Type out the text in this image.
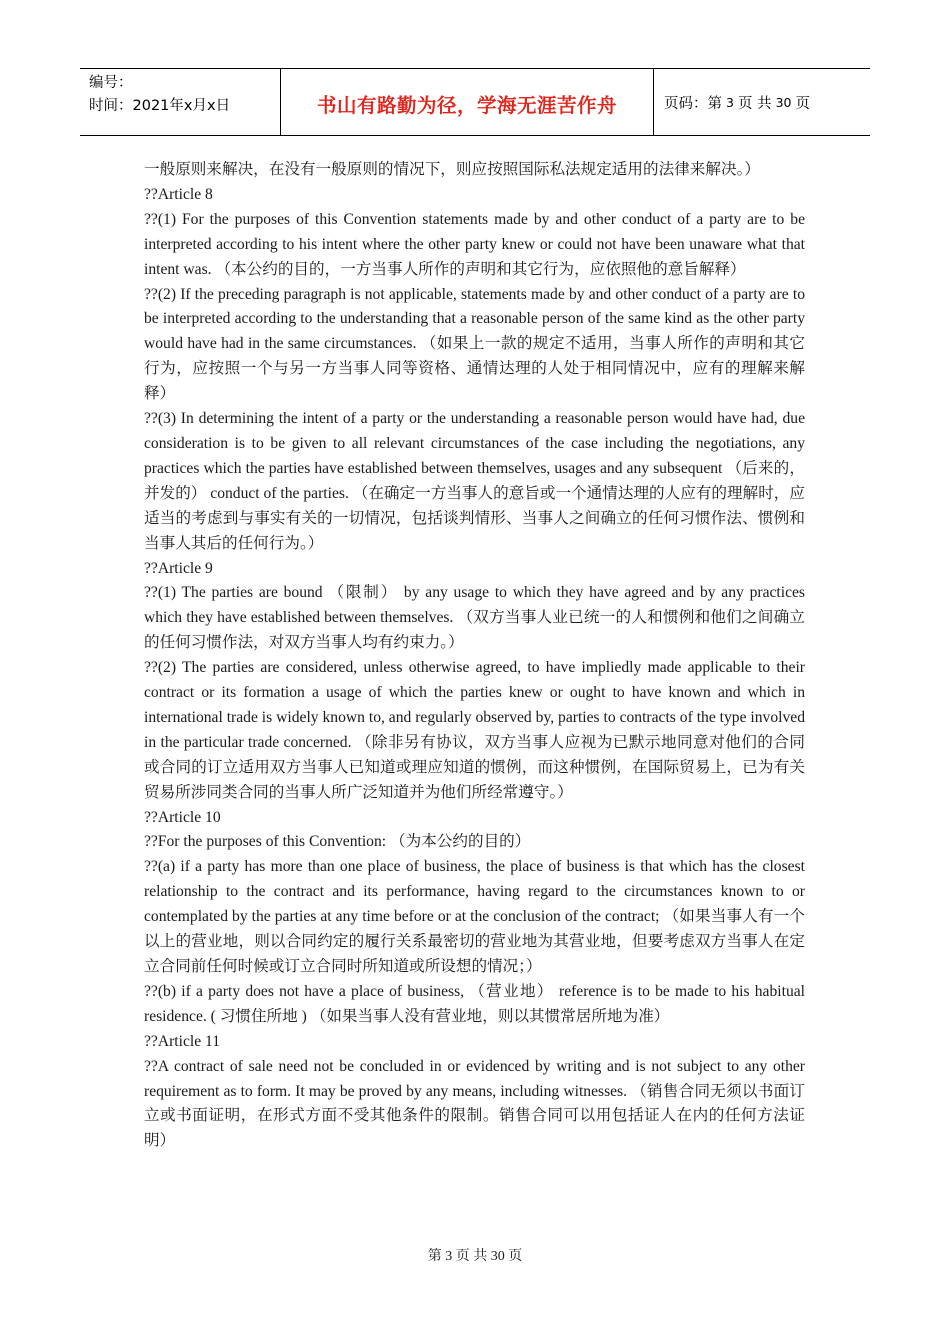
编号：
时间：2021年x月x日	书山有路勤为径，学海无涯苦作舟	页码：第 3 页 共 30 页

一般原则来解决，在没有一般原则的情况下，则应按照国际私法规定适用的法律来解决。）

??Article 8

??(1) For the purposes of this Convention statements made by and other conduct of a party are to be interpreted according to his intent where the other party knew or could not have been unaware what that intent was. （本公约的目的，一方当事人所作的声明和其它行为，应依照他的意旨解释）

??(2) If the preceding paragraph is not applicable, statements made by and other conduct of a party are to be interpreted according to the understanding that a reasonable person of the same kind as the other party would have had in the same circumstances. （如果上一款的规定不适用，当事人所作的声明和其它行为，应按照一个与另一方当事人同等资格、通情达理的人处于相同情况中，应有的理解来解释）

??(3) In determining the intent of a party or the understanding a reasonable person would have had, due consideration is to be given to all relevant circumstances of the case including the negotiations, any practices which the parties have established between themselves, usages and any subsequent （后来的，并发的） conduct of the parties. （在确定一方当事人的意旨或一个通情达理的人应有的理解时，应适当的考虑到与事实有关的一切情况，包括谈判情形、当事人之间确立的任何习惯作法、惯例和当事人其后的任何行为。）

??Article 9

??(1) The parties are bound （限制） by any usage to which they have agreed and by any practices which they have established between themselves. （双方当事人业已统一的人和惯例和他们之间确立的任何习惯作法，对双方当事人均有约束力。）

??(2) The parties are considered, unless otherwise agreed, to have impliedly made applicable to their contract or its formation a usage of which the parties knew or ought to have known and which in international trade is widely known to, and regularly observed by, parties to contracts of the type involved in the particular trade concerned. （除非另有协议，双方当事人应视为已默示地同意对他们的合同或合同的订立适用双方当事人已知道或理应知道的惯例，而这种惯例，在国际贸易上，已为有关贸易所涉同类合同的当事人所广泛知道并为他们所经常遵守。）

??Article 10

??For the purposes of this Convention: （为本公约的目的）

??(a) if a party has more than one place of business, the place of business is that which has the closest relationship to the contract and its performance, having regard to the circumstances known to or contemplated by the parties at any time before or at the conclusion of the contract; （如果当事人有一个以上的营业地，则以合同约定的履行关系最密切的营业地为其营业地，但要考虑双方当事人在定立合同前任何时候或订立合同时所知道或所设想的情况；）

??(b) if a party does not have a place of business, （营业地） reference is to be made to his habitual residence. ( 习惯住所地 ) （如果当事人没有营业地，则以其惯常居所地为准）

??Article 11

??A contract of sale need not be concluded in or evidenced by writing and is not subject to any other requirement as to form. It may be proved by any means, including witnesses. （销售合同无须以书面订立或书面证明，在形式方面不受其他条件的限制。销售合同可以用包括证人在内的任何方法证明）

第 3 页 共 30 页
